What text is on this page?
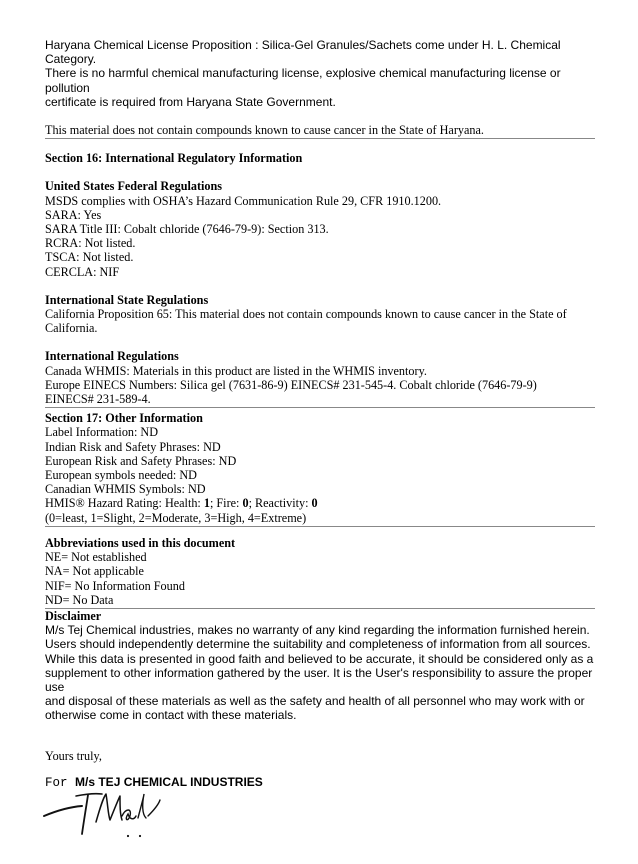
Haryana Chemical License Proposition : Silica-Gel Granules/Sachets come under H. L. Chemical Category.

There is no harmful chemical manufacturing license, explosive chemical manufacturing license or pollution

certificate is required from Haryana State Government.

This material does not contain compounds known to cause cancer in the State of Haryana.

Section 16: International Regulatory Information

United States Federal Regulations

MSDS complies with OSHA’s Hazard Communication Rule 29, CFR 1910.1200.

SARA: Yes

SARA Title III: Cobalt chloride (7646-79-9): Section 313.

RCRA: Not listed.

TSCA: Not listed.

CERCLA: NIF

International State Regulations

California Proposition 65: This material does not contain compounds known to cause cancer in the State of

California.

International Regulations

Canada WHMIS: Materials in this product are listed in the WHMIS inventory.

Europe EINECS Numbers: Silica gel (7631-86-9) EINECS# 231-545-4. Cobalt chloride (7646-79-9)

EINECS# 231-589-4.

Section 17: Other Information

Label Information: ND

Indian Risk and Safety Phrases: ND

European Risk and Safety Phrases: ND

European symbols needed: ND

Canadian WHMIS Symbols: ND

HMIS® Hazard Rating: Health: 1; Fire: 0; Reactivity: 0

(0=least, 1=Slight, 2=Moderate, 3=High, 4=Extreme)

Abbreviations used in this document

NE= Not established

NA= Not applicable

NIF= No Information Found

ND= No Data

Disclaimer

M/s Tej Chemical industries, makes no warranty of any kind regarding the information furnished herein.

Users should independently determine the suitability and completeness of information from all sources.

While this data is presented in good faith and believed to be accurate, it should be considered only as a

supplement to other information gathered by the user. It is the User's responsibility to assure the proper use

and disposal of these materials as well as the safety and health of all personnel who may work with or

otherwise come in contact with these materials.

Yours truly,

For M/s TEJ CHEMICAL INDUSTRIES
